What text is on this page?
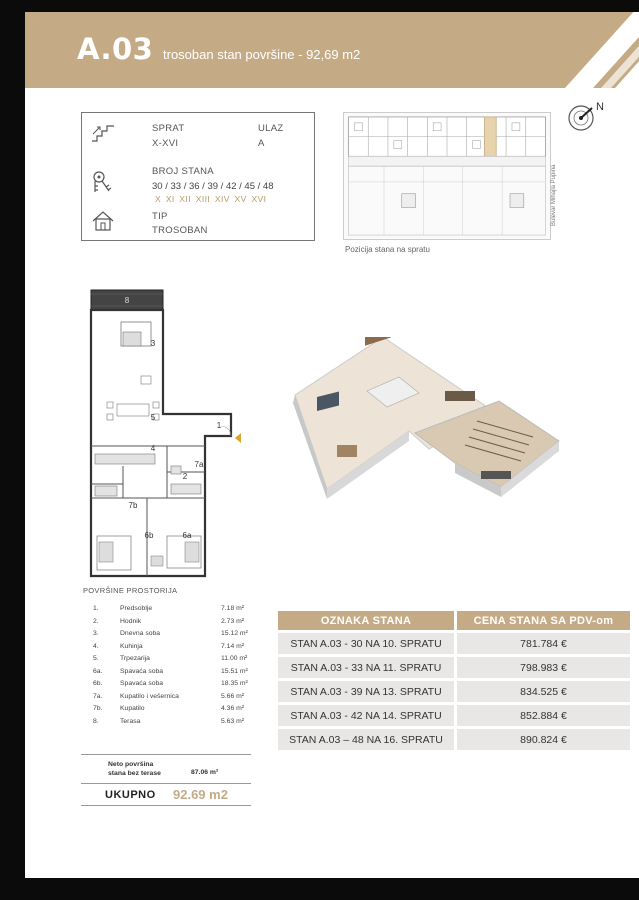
A.03 trosoban stan površine - 92,69 m2
SPRAT
X-XVI
ULAZ
A
BROJ STANA
30 / 33 / 36 / 39 / 42 / 45 / 48
X XI XII XIII XIV XV XVI
TIP
TROSOBAN
Pozicija stana na spratu
Bulevar Mihajla Pupina
N
8
3
5
4
1
7a
2
7b
6b	6a
POVRŠINE PROSTORIJA
1.	Predsoblje	7.18 m²
2.	Hodnik	2.73 m²
3.	Dnevna soba	15.12 m²
4.	Kuhinja	7.14 m²
5.	Trpezarija	11.00 m²
6a.	Spavaća soba	15.51 m²
6b.	Spavaća soba	18.35 m²
7a.	Kupatilo i vešernica	5.66 m²
7b.	Kupatilo	4.36 m²
8.	Terasa	5.63 m²
Neto površina
stana bez terase	87.06 m²
UKUPNO 92.69 m2
OZNAKA STANA	CENA STANA SA PDV-om
STAN A.03 - 30 NA 10. SPRATU	781.784 €
STAN A.03 - 33 NA 11. SPRATU	798.983 €
STAN A.03 - 39 NA 13. SPRATU	834.525 €
STAN A.03 - 42 NA 14. SPRATU	852.884 €
STAN A.03 – 48 NA 16. SPRATU	890.824 €
